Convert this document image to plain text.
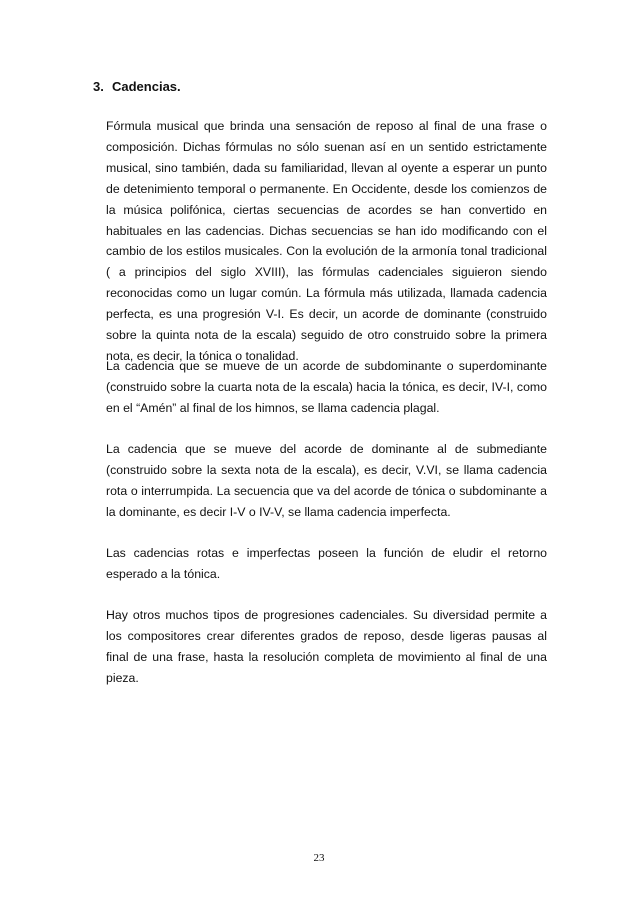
3. Cadencias.

Fórmula musical que brinda una sensación de reposo al final de una frase o composición. Dichas fórmulas no sólo suenan así en un sentido estrictamente musical, sino también, dada su familiaridad, llevan al oyente a esperar un punto de detenimiento temporal o permanente. En Occidente, desde los comienzos de la música polifónica, ciertas secuencias de acordes se han convertido en habituales en las cadencias. Dichas secuencias se han ido modificando con el cambio de los estilos musicales. Con la evolución de la armonía tonal tradicional ( a principios del siglo XVIII), las fórmulas cadenciales siguieron siendo reconocidas como un lugar común. La fórmula más utilizada, llamada cadencia perfecta, es una progresión V-I. Es decir, un acorde de dominante (construido sobre la quinta nota de la escala) seguido de otro construido sobre la primera nota, es decir, la tónica o tonalidad.

La cadencia que se mueve de un acorde de subdominante o superdominante (construido sobre la cuarta nota de la escala) hacia la tónica, es decir, IV-I, como en el “Amén” al final de los himnos, se llama cadencia plagal.

La cadencia que se mueve del acorde de dominante al de submediante (construido sobre la sexta nota de la escala), es decir, V.VI, se llama cadencia rota o interrumpida. La secuencia que va del acorde de tónica o subdominante a la dominante, es decir I-V o IV-V, se llama cadencia imperfecta.

Las cadencias rotas e imperfectas poseen la función de eludir el retorno esperado a la tónica.

Hay otros muchos tipos de progresiones cadenciales. Su diversidad permite a los compositores crear diferentes grados de reposo, desde ligeras pausas al final de una frase, hasta la resolución completa de movimiento al final de una pieza.

23
